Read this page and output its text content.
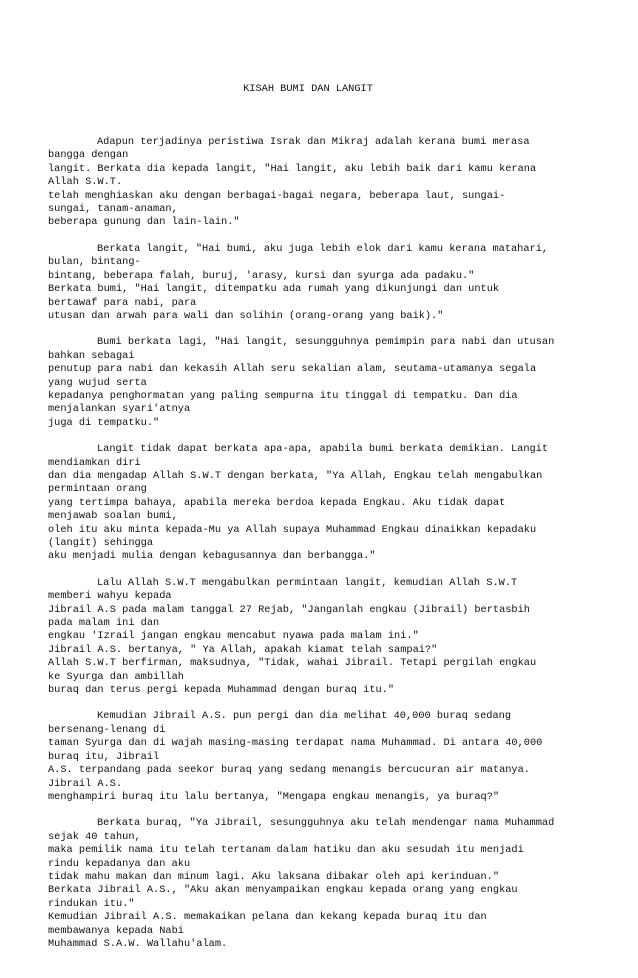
KISAH BUMI DAN LANGIT

Adapun terjadinya peristiwa Israk dan Mikraj adalah kerana bumi merasa
bangga dengan
langit. Berkata dia kepada langit, "Hai langit, aku lebih baik dari kamu kerana
Allah S.W.T.
telah menghiaskan aku dengan berbagai-bagai negara, beberapa laut, sungai-
sungai, tanam-anaman,
beberapa gunung dan lain-lain."
Berkata langit, "Hai bumi, aku juga lebih elok dari kamu kerana matahari,
bulan, bintang-
bintang, beberapa falah, buruj, 'arasy, kursi dan syurga ada padaku."
Berkata bumi, "Hai langit, ditempatku ada rumah yang dikunjungi dan untuk
bertawaf para nabi, para
utusan dan arwah para wali dan solihin (orang-orang yang baik)."
Bumi berkata lagi, "Hai langit, sesungguhnya pemimpin para nabi dan utusan
bahkan sebagai
penutup para nabi dan kekasih Allah seru sekalian alam, seutama-utamanya segala
yang wujud serta
kepadanya penghormatan yang paling sempurna itu tinggal di tempatku. Dan dia
menjalankan syari'atnya
juga di tempatku."
Langit tidak dapat berkata apa-apa, apabila bumi berkata demikian. Langit
mendiamkan diri
dan dia mengadap Allah S.W.T dengan berkata, "Ya Allah, Engkau telah mengabulkan
permintaan orang
yang tertimpa bahaya, apabila mereka berdoa kepada Engkau. Aku tidak dapat
menjawab soalan bumi,
oleh itu aku minta kepada-Mu ya Allah supaya Muhammad Engkau dinaikkan kepadaku
(langit) sehingga
aku menjadi mulia dengan kebagusannya dan berbangga."
Lalu Allah S.W.T mengabulkan permintaan langit, kemudian Allah S.W.T
memberi wahyu kepada
Jibrail A.S pada malam tanggal 27 Rejab, "Janganlah engkau (Jibrail) bertasbih
pada malam ini dan
engkau 'Izrail jangan engkau mencabut nyawa pada malam ini."
Jibrail A.S. bertanya, " Ya Allah, apakah kiamat telah sampai?"
Allah S.W.T berfirman, maksudnya, "Tidak, wahai Jibrail. Tetapi pergilah engkau
ke Syurga dan ambillah
buraq dan terus pergi kepada Muhammad dengan buraq itu."
Kemudian Jibrail A.S. pun pergi dan dia melihat 40,000 buraq sedang
bersenang-lenang di
taman Syurga dan di wajah masing-masing terdapat nama Muhammad. Di antara 40,000
buraq itu, Jibrail
A.S. terpandang pada seekor buraq yang sedang menangis bercucuran air matanya.
Jibrail A.S.
menghampiri buraq itu lalu bertanya, "Mengapa engkau menangis, ya buraq?"
Berkata buraq, "Ya Jibrail, sesungguhnya aku telah mendengar nama Muhammad
sejak 40 tahun,
maka pemilik nama itu telah tertanam dalam hatiku dan aku sesudah itu menjadi
rindu kepadanya dan aku
tidak mahu makan dan minum lagi. Aku laksana dibakar oleh api kerinduan."
Berkata Jibrail A.S., "Aku akan menyampaikan engkau kepada orang yang engkau
rindukan itu."
Kemudian Jibrail A.S. memakaikan pelana dan kekang kepada buraq itu dan
membawanya kepada Nabi
Muhammad S.A.W. Wallahu'alam.
